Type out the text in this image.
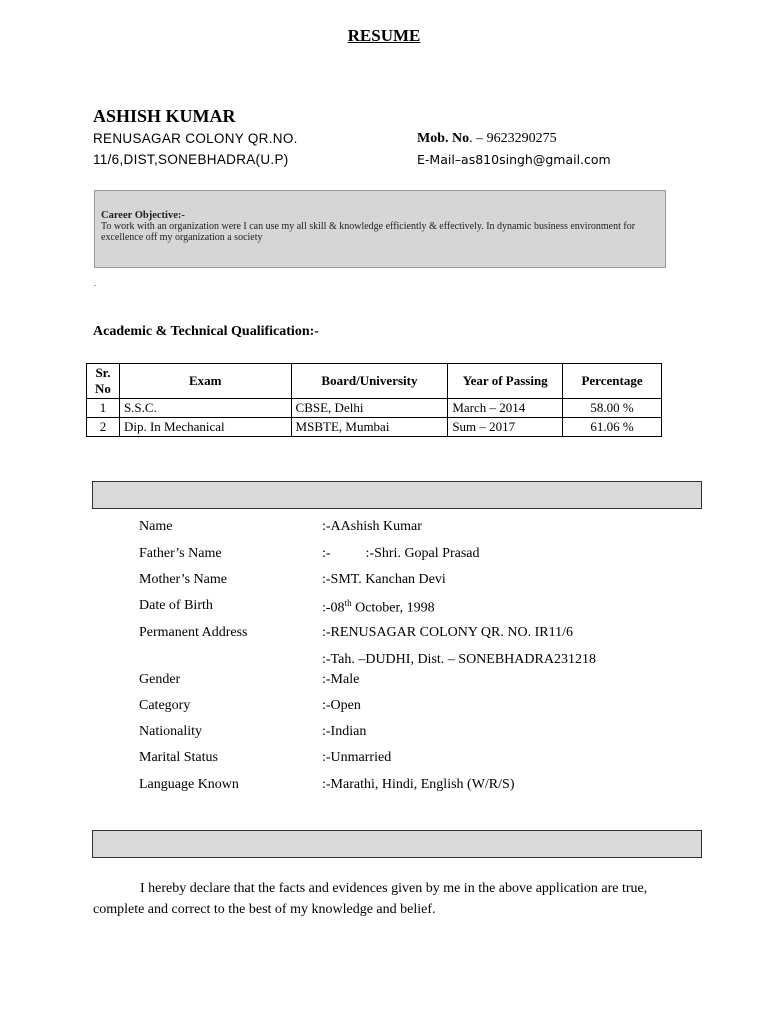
RESUME
ASHISH KUMAR
RENUSAGAR COLONY QR.NO.
11/6,DIST,SONEBHADRA(U.P)
Mob. No. – 9623290275
E-Mail–as810singh@gmail.com
Career Objective:-
To work with an organization were I can use my all skill & knowledge efficiently & effectively. In dynamic business environment for excellence off my organization a society
.
Academic & Technical Qualification:-
Sr. No	Exam	Board/University	Year of Passing	Percentage
1	S.S.C.	CBSE, Delhi	March – 2014	58.00 %
2	Dip. In Mechanical	MSBTE, Mumbai	Sum – 2017	61.06 %
Name	:-AAshish Kumar
Father’s Name	:-          :-Shri. Gopal Prasad
Mother’s Name	:-SMT. Kanchan Devi
Date of Birth	:-08th October, 1998
Permanent Address	:-RENUSAGAR COLONY QR. NO. IR11/6
:-Tah. –DUDHI, Dist. – SONEBHADRA231218
Gender	:-Male
Category	:-Open
Nationality	:-Indian
Marital Status	:-Unmarried
Language Known	:-Marathi, Hindi, English (W/R/S)
I hereby declare that the facts and evidences given by me in the above application are true, complete and correct to the best of my knowledge and belief.
